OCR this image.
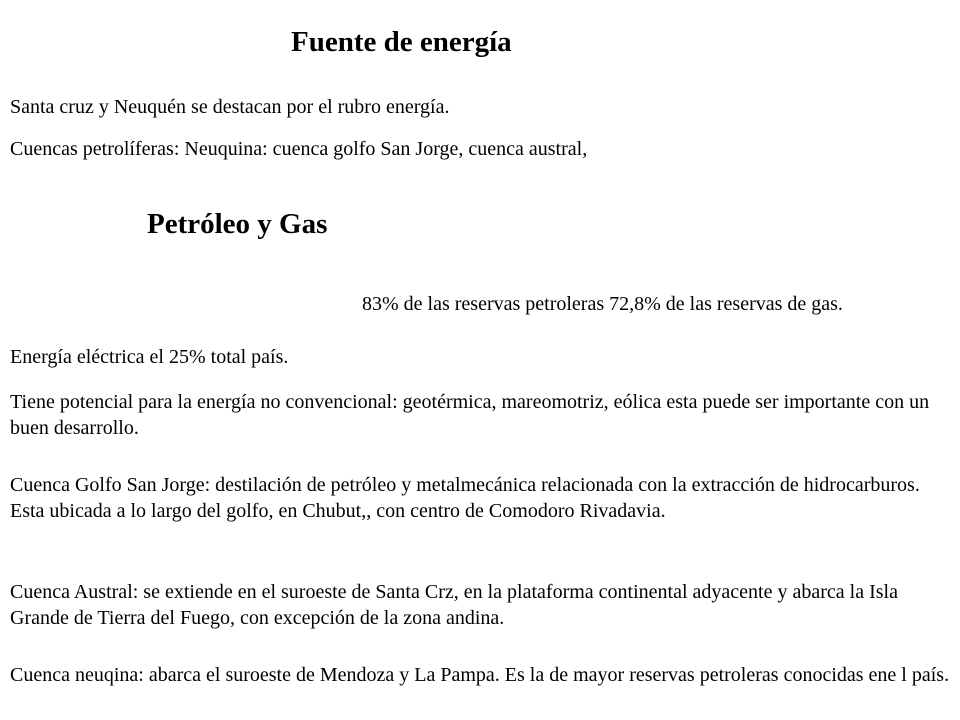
Fuente de energía

Santa cruz y Neuquén se destacan por el rubro energía.

Cuencas petrolíferas: Neuquina: cuenca golfo San Jorge, cuenca austral,

Petróleo y Gas

83% de las reservas petroleras 72,8% de las reservas de gas.

Energía eléctrica el 25% total país.

Tiene potencial para la energía no convencional: geotérmica, mareomotriz, eólica esta puede ser importante con un buen desarrollo.

Cuenca Golfo San Jorge: destilación de petróleo y metalmecánica relacionada con la extracción de hidrocarburos. Esta ubicada a lo largo del golfo, en Chubut,, con centro de Comodoro Rivadavia.

Cuenca Austral: se extiende en el suroeste de Santa Crz, en la plataforma continental adyacente y abarca la Isla Grande de Tierra del Fuego, con excepción de la zona andina.

Cuenca neuqina: abarca el suroeste de Mendoza y La Pampa. Es la de mayor reservas petroleras conocidas ene l país.
